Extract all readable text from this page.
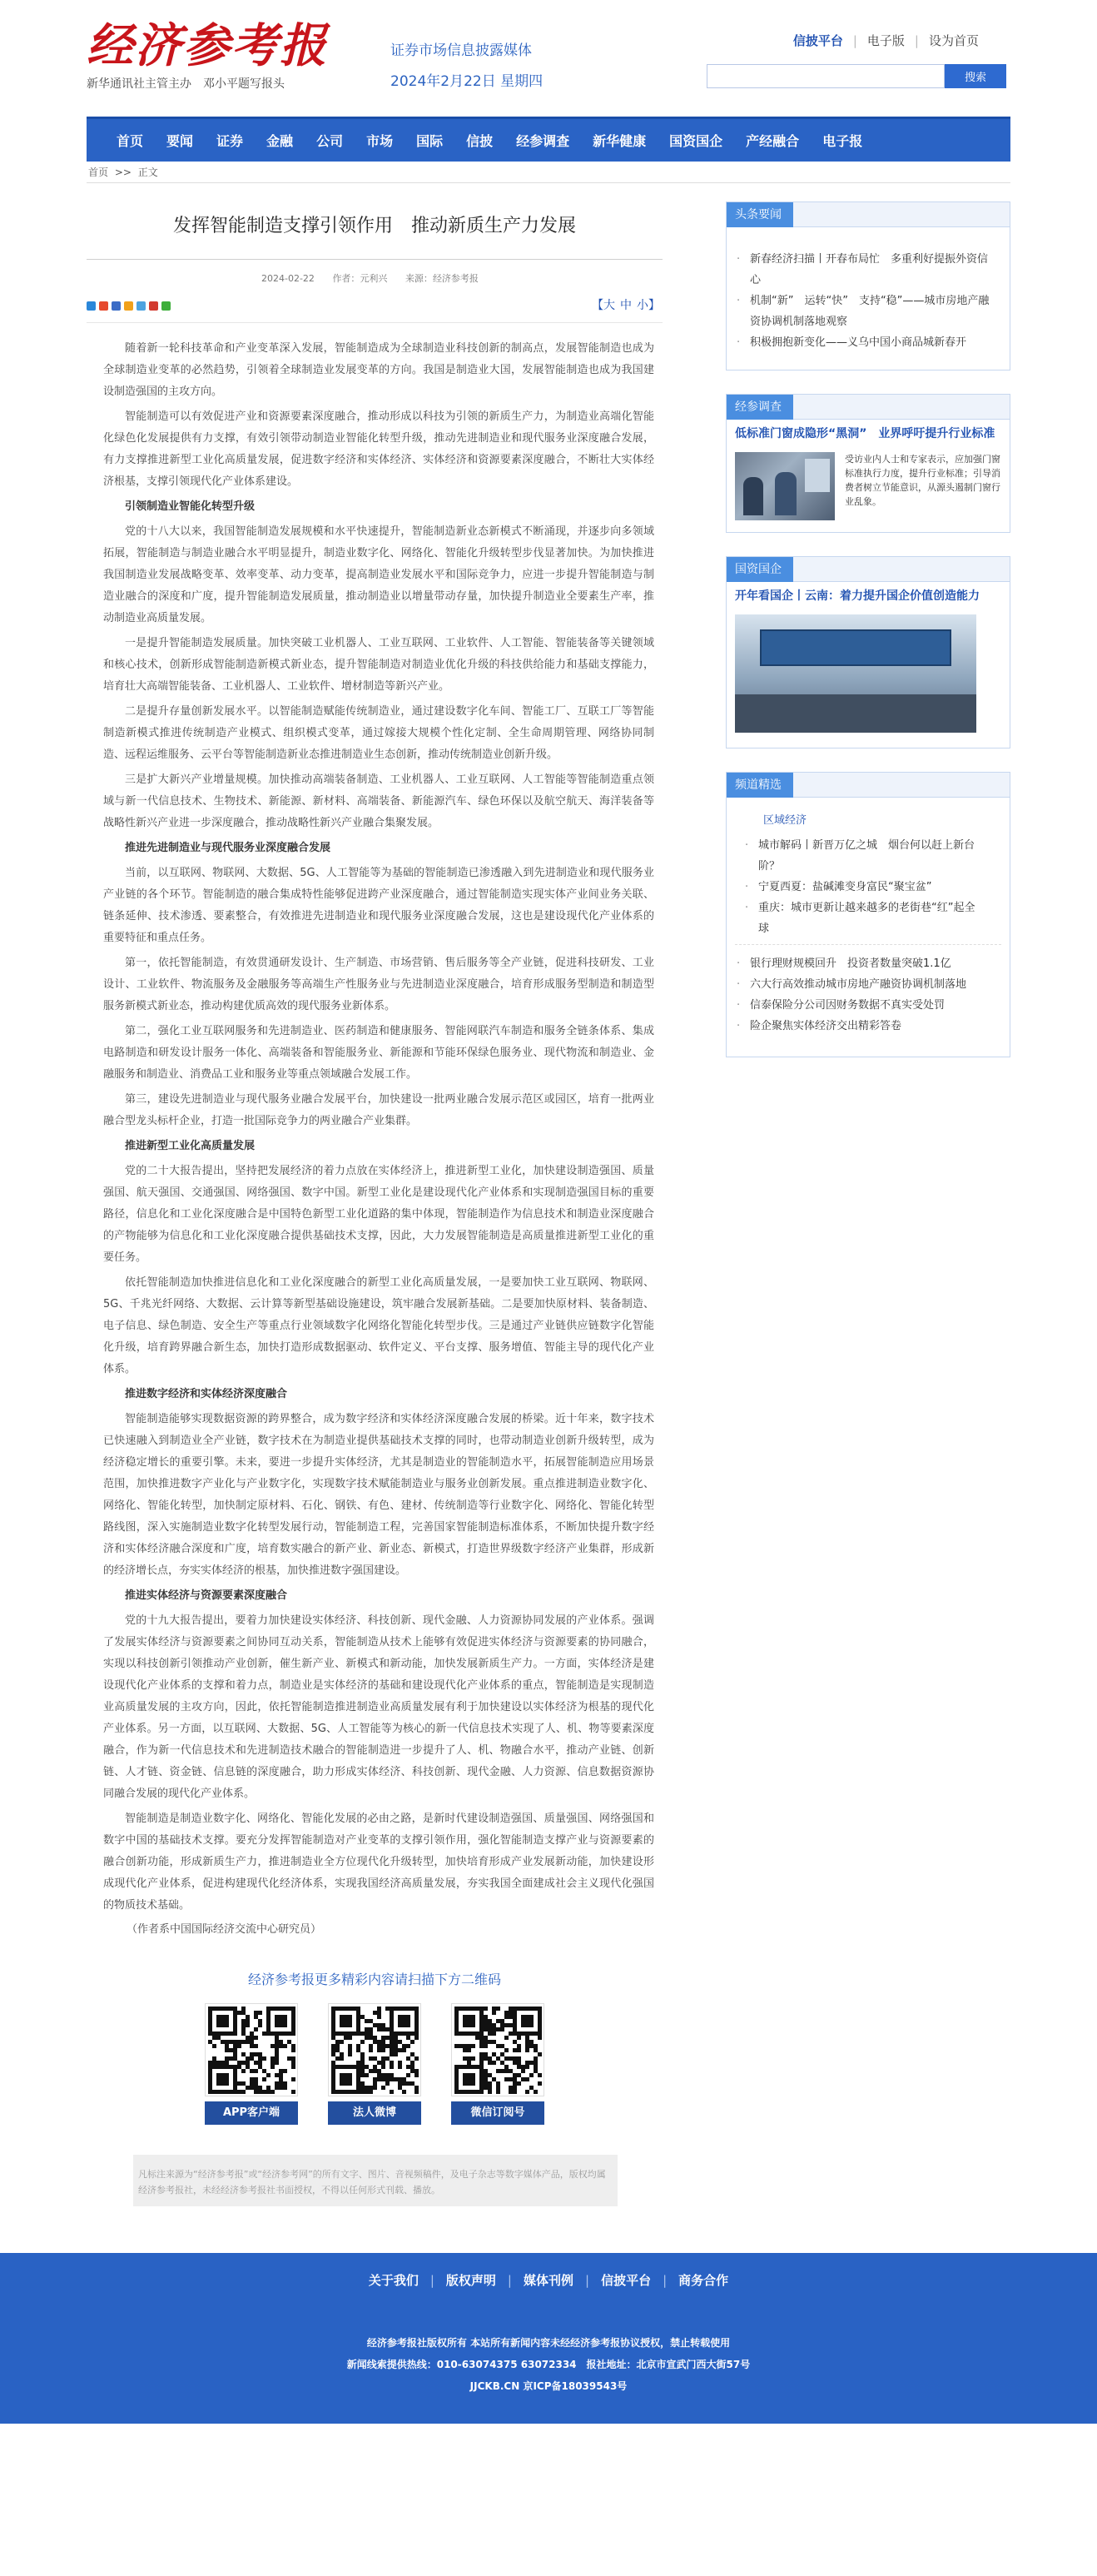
经济参考报
新华通讯社主管主办　邓小平题写报头
证券市场信息披露媒体
2024年2月22日 星期四
信披平台 | 电子版 | 设为首页
搜索
首页	要闻	证券	金融	公司	市场	国际	信披	经参调查	新华健康	国资国企	产经融合	电子报
首页 >> 正文
发挥智能制造支撑引领作用　推动新质生产力发展
2024-02-22 作者：元利兴 来源：经济参考报
【大 中 小】

随着新一轮科技革命和产业变革深入发展，智能制造成为全球制造业科技创新的制高点，发展智能制造也成为全球制造业变革的必然趋势，引领着全球制造业发展变革的方向。我国是制造业大国，发展智能制造也成为我国建设制造强国的主攻方向。

智能制造可以有效促进产业和资源要素深度融合，推动形成以科技为引领的新质生产力，为制造业高端化智能化绿色化发展提供有力支撑，有效引领带动制造业智能化转型升级，推动先进制造业和现代服务业深度融合发展，有力支撑推进新型工业化高质量发展，促进数字经济和实体经济、实体经济和资源要素深度融合，不断壮大实体经济根基，支撑引领现代化产业体系建设。

引领制造业智能化转型升级

党的十八大以来，我国智能制造发展规模和水平快速提升，智能制造新业态新模式不断涌现，并逐步向多领域拓展，智能制造与制造业融合水平明显提升，制造业数字化、网络化、智能化升级转型步伐显著加快。为加快推进我国制造业发展战略变革、效率变革、动力变革，提高制造业发展水平和国际竞争力，应进一步提升智能制造与制造业融合的深度和广度，提升智能制造发展质量，推动制造业以增量带动存量，加快提升制造业全要素生产率，推动制造业高质量发展。

一是提升智能制造发展质量。加快突破工业机器人、工业互联网、工业软件、人工智能、智能装备等关键领域和核心技术，创新形成智能制造新模式新业态，提升智能制造对制造业优化升级的科技供给能力和基础支撑能力，培育壮大高端智能装备、工业机器人、工业软件、增材制造等新兴产业。

二是提升存量创新发展水平。以智能制造赋能传统制造业，通过建设数字化车间、智能工厂、互联工厂等智能制造新模式推进传统制造产业模式、组织模式变革，通过嫁接大规模个性化定制、全生命周期管理、网络协同制造、远程运维服务、云平台等智能制造新业态推进制造业生态创新，推动传统制造业创新升级。

三是扩大新兴产业增量规模。加快推动高端装备制造、工业机器人、工业互联网、人工智能等智能制造重点领域与新一代信息技术、生物技术、新能源、新材料、高端装备、新能源汽车、绿色环保以及航空航天、海洋装备等战略性新兴产业进一步深度融合，推动战略性新兴产业融合集聚发展。

推进先进制造业与现代服务业深度融合发展

当前，以互联网、物联网、大数据、5G、人工智能等为基础的智能制造已渗透融入到先进制造业和现代服务业产业链的各个环节。智能制造的融合集成特性能够促进跨产业深度融合，通过智能制造实现实体产业间业务关联、链条延伸、技术渗透、要素整合，有效推进先进制造业和现代服务业深度融合发展，这也是建设现代化产业体系的重要特征和重点任务。

第一，依托智能制造，有效贯通研发设计、生产制造、市场营销、售后服务等全产业链，促进科技研发、工业设计、工业软件、物流服务及金融服务等高端生产性服务业与先进制造业深度融合，培育形成服务型制造和制造型服务新模式新业态，推动构建优质高效的现代服务业新体系。

第二，强化工业互联网服务和先进制造业、医药制造和健康服务、智能网联汽车制造和服务全链条体系、集成电路制造和研发设计服务一体化、高端装备和智能服务业、新能源和节能环保绿色服务业、现代物流和制造业、金融服务和制造业、消费品工业和服务业等重点领域融合发展工作。

第三，建设先进制造业与现代服务业融合发展平台，加快建设一批两业融合发展示范区或园区，培育一批两业融合型龙头标杆企业，打造一批国际竞争力的两业融合产业集群。

推进新型工业化高质量发展

党的二十大报告提出，坚持把发展经济的着力点放在实体经济上，推进新型工业化，加快建设制造强国、质量强国、航天强国、交通强国、网络强国、数字中国。新型工业化是建设现代化产业体系和实现制造强国目标的重要路径，信息化和工业化深度融合是中国特色新型工业化道路的集中体现，智能制造作为信息技术和制造业深度融合的产物能够为信息化和工业化深度融合提供基础技术支撑，因此，大力发展智能制造是高质量推进新型工业化的重要任务。

依托智能制造加快推进信息化和工业化深度融合的新型工业化高质量发展，一是要加快工业互联网、物联网、5G、千兆光纤网络、大数据、云计算等新型基础设施建设，筑牢融合发展新基础。二是要加快原材料、装备制造、电子信息、绿色制造、安全生产等重点行业领域数字化网络化智能化转型步伐。三是通过产业链供应链数字化智能化升级，培育跨界融合新生态，加快打造形成数据驱动、软件定义、平台支撑、服务增值、智能主导的现代化产业体系。

推进数字经济和实体经济深度融合

智能制造能够实现数据资源的跨界整合，成为数字经济和实体经济深度融合发展的桥梁。近十年来，数字技术已快速融入到制造业全产业链，数字技术在为制造业提供基础技术支撑的同时，也带动制造业创新升级转型，成为经济稳定增长的重要引擎。未来，要进一步提升实体经济，尤其是制造业的智能制造水平，拓展智能制造应用场景范围，加快推进数字产业化与产业数字化，实现数字技术赋能制造业与服务业创新发展。重点推进制造业数字化、网络化、智能化转型，加快制定原材料、石化、钢铁、有色、建材、传统制造等行业数字化、网络化、智能化转型路线图，深入实施制造业数字化转型发展行动，智能制造工程，完善国家智能制造标准体系，不断加快提升数字经济和实体经济融合深度和广度，培育数实融合的新产业、新业态、新模式，打造世界级数字经济产业集群，形成新的经济增长点，夯实实体经济的根基，加快推进数字强国建设。

推进实体经济与资源要素深度融合

党的十九大报告提出，要着力加快建设实体经济、科技创新、现代金融、人力资源协同发展的产业体系。强调了发展实体经济与资源要素之间协同互动关系，智能制造从技术上能够有效促进实体经济与资源要素的协同融合，实现以科技创新引领推动产业创新，催生新产业、新模式和新动能，加快发展新质生产力。一方面，实体经济是建设现代化产业体系的支撑和着力点，制造业是实体经济的基础和建设现代化产业体系的重点，智能制造是实现制造业高质量发展的主攻方向，因此，依托智能制造推进制造业高质量发展有利于加快建设以实体经济为根基的现代化产业体系。另一方面，以互联网、大数据、5G、人工智能等为核心的新一代信息技术实现了人、机、物等要素深度融合，作为新一代信息技术和先进制造技术融合的智能制造进一步提升了人、机、物融合水平，推动产业链、创新链、人才链、资金链、信息链的深度融合，助力形成实体经济、科技创新、现代金融、人力资源、信息数据资源协同融合发展的现代化产业体系。

智能制造是制造业数字化、网络化、智能化发展的必由之路，是新时代建设制造强国、质量强国、网络强国和数字中国的基础技术支撑。要充分发挥智能制造对产业变革的支撑引领作用，强化智能制造支撑产业与资源要素的融合创新功能，形成新质生产力，推进制造业全方位现代化升级转型，加快培育形成产业发展新动能，加快建设形成现代化产业体系，促进构建现代化经济体系，实现我国经济高质量发展，夯实我国全面建成社会主义现代化强国的物质技术基础。

（作者系中国国际经济交流中心研究员）
经济参考报更多精彩内容请扫描下方二维码
APP客户端	法人微博	微信订阅号
凡标注来源为“经济参考报”或“经济参考网”的所有文字、图片、音视频稿件，及电子杂志等数字媒体产品，版权均属经济参考报社，未经经济参考报社书面授权，不得以任何形式刊载、播放。
头条要闻
· 新春经济扫描丨开春布局忙　多重利好提振外资信心
· 机制“新”　运转“快”　支持“稳”——城市房地产融资协调机制落地观察
· 积极拥抱新变化——义乌中国小商品城新春开
经参调查
低标准门窗成隐形“黑洞”　业界呼吁提升行业标准

受访业内人士和专家表示，应加强门窗标准执行力度，提升行业标准；引导消费者树立节能意识，从源头遏制门窗行业乱象。

国资国企
开年看国企丨云南：着力提升国企价值创造能力
频道精选
区域经济
· 城市解码丨新晋万亿之城　烟台何以赶上新台阶？
· 宁夏西夏：盐碱滩变身富民“聚宝盆”
· 重庆：城市更新让越来越多的老街巷“红”起全球
· 银行理财规模回升　投资者数量突破1.1亿
· 六大行高效推动城市房地产融资协调机制落地
· 信泰保险分公司因财务数据不真实受处罚
· 险企聚焦实体经济交出精彩答卷
关于我们 | 版权声明 | 媒体刊例 | 信披平台 | 商务合作
经济参考报社版权所有 本站所有新闻内容未经经济参考报协议授权，禁止转载使用
新闻线索提供热线：010-63074375 63072334　报社地址：北京市宣武门西大街57号
JJCKB.CN 京ICP备18039543号
